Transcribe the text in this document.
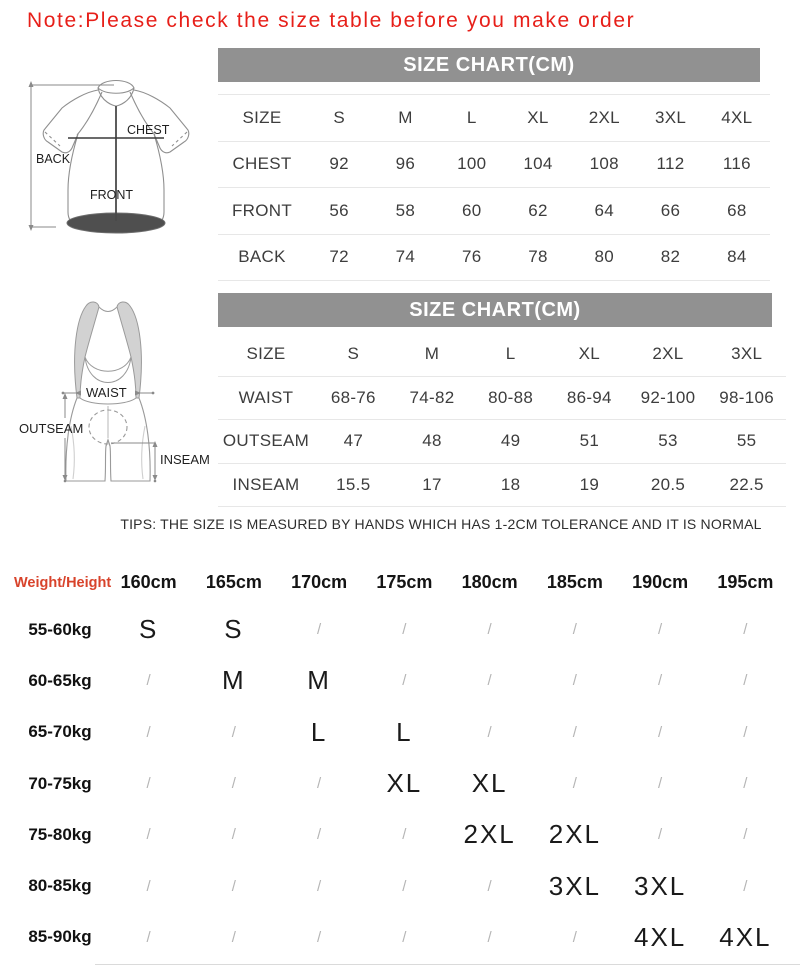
Note:Please check the size table before you make order
SIZE CHART(CM)
CHEST
BACK
FRONT
SIZE	S	M	L	XL	2XL	3XL	4XL
CHEST	92	96	100	104	108	112	116
FRONT	56	58	60	62	64	66	68
BACK	72	74	76	78	80	82	84
SIZE CHART(CM)
WAIST
OUTSEAM
INSEAM
SIZE	S	M	L	XL	2XL	3XL
WAIST	68-76	74-82	80-88	86-94	92-100	98-106
OUTSEAM	47	48	49	51	53	55
INSEAM	15.5	17	18	19	20.5	22.5
TIPS: THE SIZE IS MEASURED BY HANDS WHICH HAS 1-2CM TOLERANCE AND IT IS NORMAL
Weight/Height 160cm	165cm	170cm	175cm	180cm	185cm	190cm	195cm
55-60kg	S	S	/	/	/	/	/	/
60-65kg	/	M	M	/	/	/	/	/
65-70kg	/	/	L	L	/	/	/	/
70-75kg	/	/	/	XL	XL	/	/	/
75-80kg	/	/	/	/	2XL	2XL	/	/
80-85kg	/	/	/	/	/	3XL	3XL	/
85-90kg	/	/	/	/	/	/	4XL	4XL
